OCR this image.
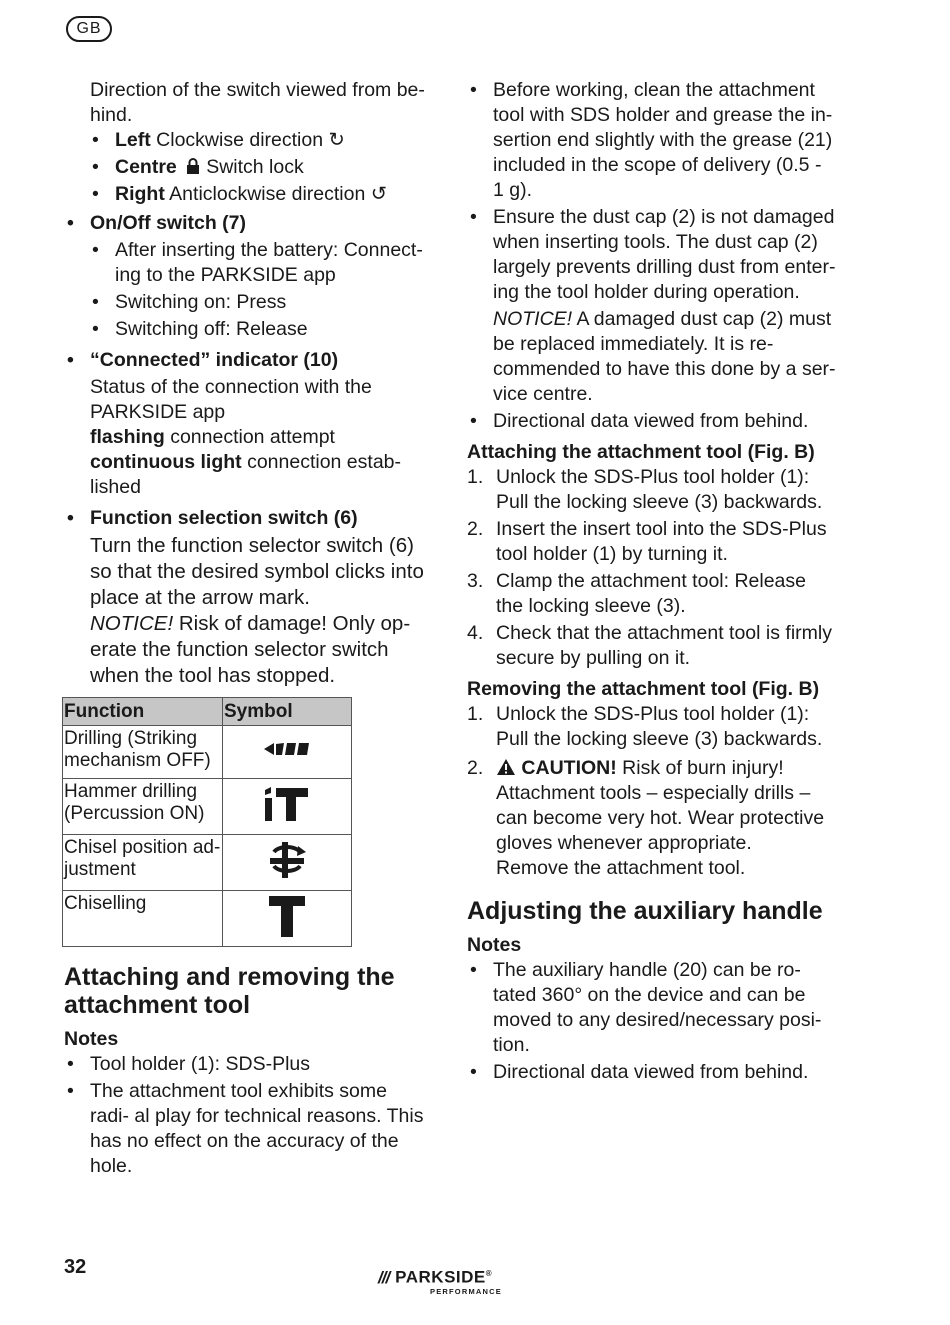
GB

Direction of the switch viewed from be- hind.

• Left Clockwise direction ↻
• Centre Switch lock
• Right Anticlockwise direction ↺
• On/Off switch (7)
• After inserting the battery: Connect- ing to the PARKSIDE app
• Switching on: Press
• Switching off: Release
• “Connected” indicator (10)

Status of the connection with the PARKSIDE app

flashing connection attempt

continuous light connection estab- lished

• Function selection switch (6)

Turn the function selector switch (6) so that the desired symbol clicks into place at the arrow mark.

NOTICE! Risk of damage! Only op- erate the function selector switch when the tool has stopped.

Function	Symbol
Drilling (Striking mechanism OFF)	
Hammer drilling (Percussion ON)	
Chisel position ad- justment	
Chiselling	
Attaching and removing the attachment tool
Notes
• Tool holder (1): SDS-Plus
• The attachment tool exhibits some radi- al play for technical reasons. This has no effect on the accuracy of the hole.
• Before working, clean the attachment tool with SDS holder and grease the in- sertion end slightly with the grease (21) included in the scope of delivery (0.5 - 1 g).
• Ensure the dust cap (2) is not damaged when inserting tools. The dust cap (2) largely prevents drilling dust from enter- ing the tool holder during operation.

NOTICE! A damaged dust cap (2) must be replaced immediately. It is re- commended to have this done by a ser- vice centre.

• Directional data viewed from behind.
Attaching the attachment tool (Fig. B)
1. Unlock the SDS-Plus tool holder (1): Pull the locking sleeve (3) backwards.
2. Insert the insert tool into the SDS-Plus tool holder (1) by turning it.
3. Clamp the attachment tool: Release the locking sleeve (3).
4. Check that the attachment tool is firmly secure by pulling on it.
Removing the attachment tool (Fig. B)
1. Unlock the SDS-Plus tool holder (1): Pull the locking sleeve (3) backwards.
2. CAUTION! Risk of burn injury! Attachment tools – especially drills – can become very hot. Wear protective gloves whenever appropriate.
Remove the attachment tool.
Adjusting the auxiliary handle
Notes
• The auxiliary handle (20) can be ro- tated 360° on the device and can be moved to any desired/necessary posi- tion.
• Directional data viewed from behind.
32	/// PARKSIDE®
PERFORMANCE
